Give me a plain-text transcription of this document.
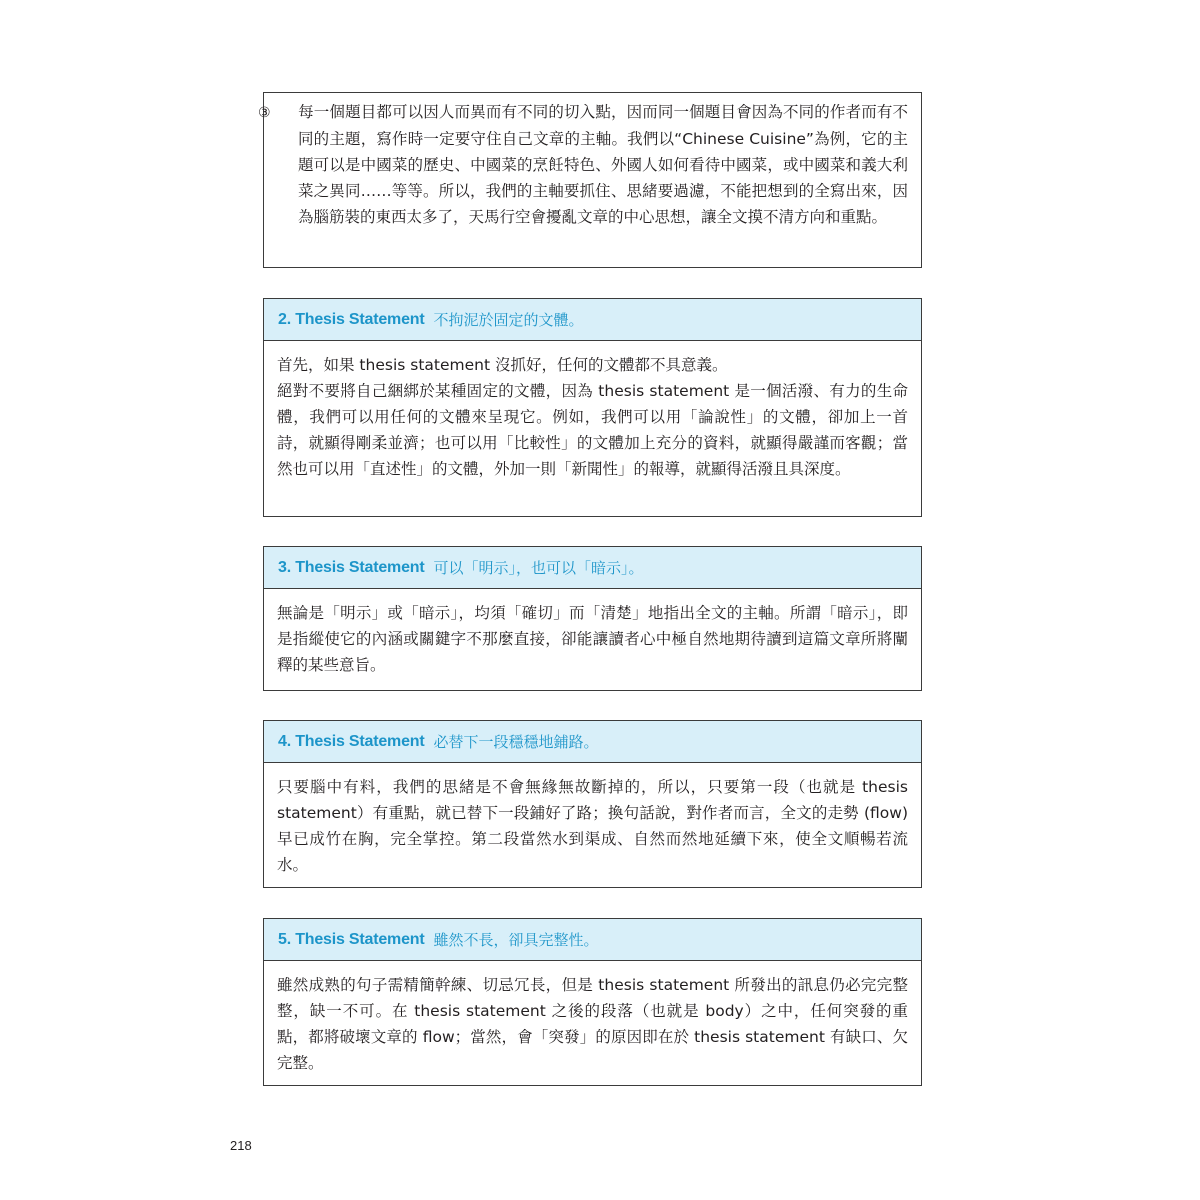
③ 每一個題目都可以因人而異而有不同的切入點，因而同一個題目會因為不同的作者而有不同的主題，寫作時一定要守住自己文章的主軸。我們以“Chinese Cuisine”為例，它的主題可以是中國菜的歷史、中國菜的烹飪特色、外國人如何看待中國菜，或中國菜和義大利菜之異同……等等。所以，我們的主軸要抓住、思緒要過濾，不能把想到的全寫出來，因為腦筋裝的東西太多了，天馬行空會擾亂文章的中心思想，讓全文摸不清方向和重點。

2. Thesis Statement 不拘泥於固定的文體。

首先，如果 thesis statement 沒抓好，任何的文體都不具意義。

絕對不要將自己綑綁於某種固定的文體，因為 thesis statement 是一個活潑、有力的生命體，我們可以用任何的文體來呈現它。例如，我們可以用「論說性」的文體，卻加上一首詩，就顯得剛柔並濟；也可以用「比較性」的文體加上充分的資料，就顯得嚴謹而客觀；當然也可以用「直述性」的文體，外加一則「新聞性」的報導，就顯得活潑且具深度。

3. Thesis Statement 可以「明示」，也可以「暗示」。

無論是「明示」或「暗示」，均須「確切」而「清楚」地指出全文的主軸。所謂「暗示」，即是指縱使它的內涵或關鍵字不那麼直接，卻能讓讀者心中極自然地期待讀到這篇文章所將闡釋的某些意旨。

4. Thesis Statement 必替下一段穩穩地鋪路。

只要腦中有料，我們的思緒是不會無緣無故斷掉的，所以，只要第一段（也就是 thesis statement）有重點，就已替下一段鋪好了路；換句話說，對作者而言，全文的走勢 (flow) 早已成竹在胸，完全掌控。第二段當然水到渠成、自然而然地延續下來，使全文順暢若流水。

5. Thesis Statement 雖然不長，卻具完整性。

雖然成熟的句子需精簡幹練、切忌冗長，但是 thesis statement 所發出的訊息仍必完完整整，缺一不可。在 thesis statement 之後的段落（也就是 body）之中，任何突發的重點，都將破壞文章的 flow；當然，會「突發」的原因即在於 thesis statement 有缺口、欠完整。

218
